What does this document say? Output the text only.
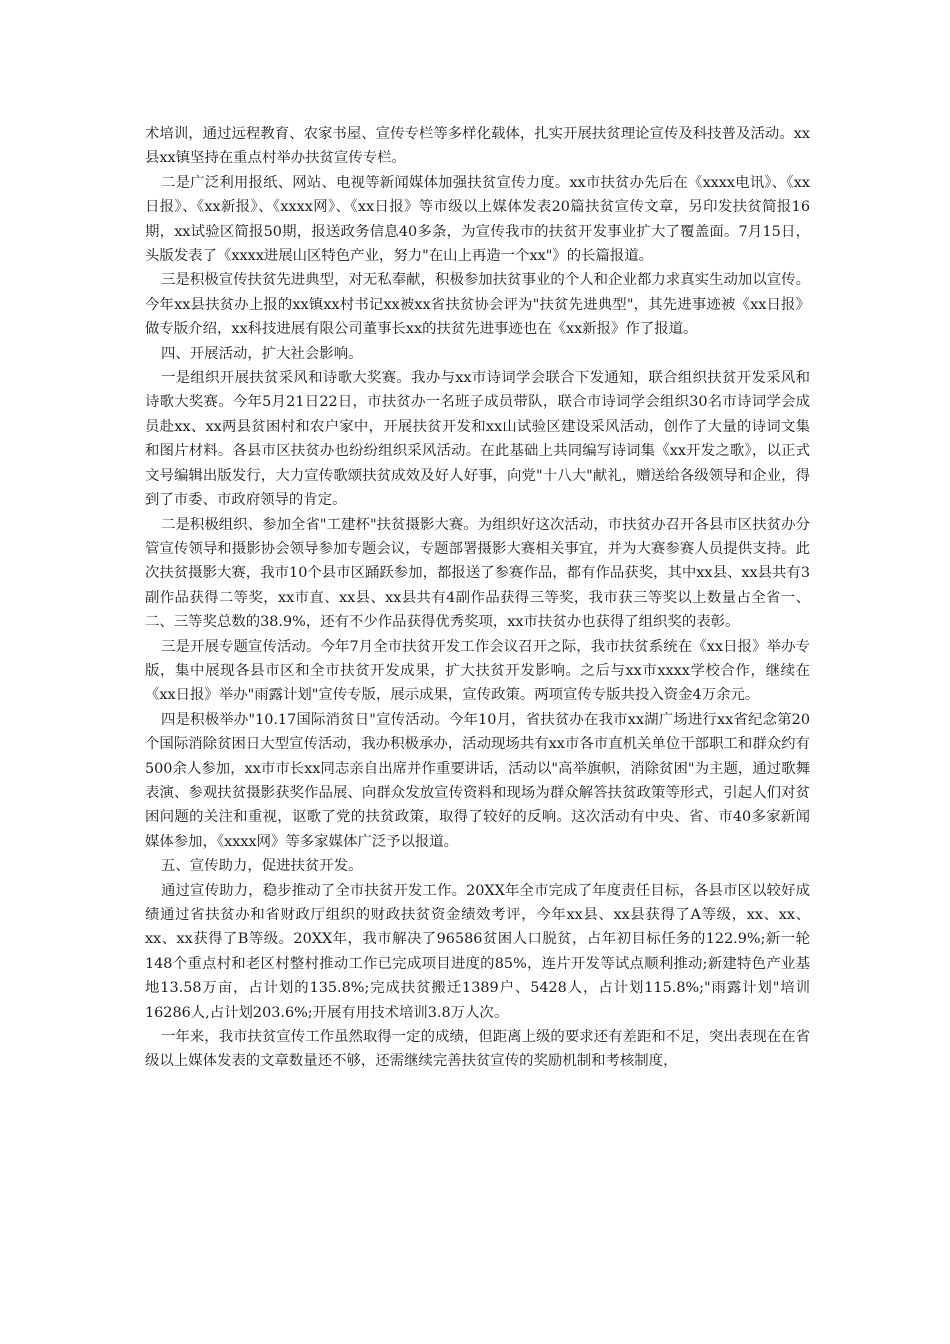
术培训，通过远程教育、农家书屋、宣传专栏等多样化载体，扎实开展扶贫理论宣传及科技普及活动。xx县xx镇坚持在重点村举办扶贫宣传专栏。

二是广泛利用报纸、网站、电视等新闻媒体加强扶贫宣传力度。xx市扶贫办先后在《xxxx电讯》、《xx日报》、《xx新报》、《xxxx网》、《xx日报》等市级以上媒体发表20篇扶贫宣传文章，另印发扶贫简报16期，xx试验区简报50期，报送政务信息40多条，为宣传我市的扶贫开发事业扩大了覆盖面。7月15日，头版发表了《xxxx进展山区特色产业，努力"在山上再造一个xx"》的长篇报道。

三是积极宣传扶贫先进典型，对无私奉献，积极参加扶贫事业的个人和企业都力求真实生动加以宣传。今年xx县扶贫办上报的xx镇xx村书记xx被xx省扶贫协会评为"扶贫先进典型"，其先进事迹被《xx日报》做专版介绍，xx科技进展有限公司董事长xx的扶贫先进事迹也在《xx新报》作了报道。

四、开展活动，扩大社会影响。

一是组织开展扶贫采风和诗歌大奖赛。我办与xx市诗词学会联合下发通知，联合组织扶贫开发采风和诗歌大奖赛。今年5月21日22日，市扶贫办一名班子成员带队，联合市诗词学会组织30名市诗词学会成员赴xx、xx两县贫困村和农户家中，开展扶贫开发和xx山试验区建设采风活动，创作了大量的诗词文集和图片材料。各县市区扶贫办也纷纷组织采风活动。在此基础上共同编写诗词集《xx开发之歌》，以正式文号编辑出版发行，大力宣传歌颂扶贫成效及好人好事，向党"十八大"献礼，赠送给各级领导和企业，得到了市委、市政府领导的肯定。

二是积极组织、参加全省"工建杯"扶贫摄影大赛。为组织好这次活动，市扶贫办召开各县市区扶贫办分管宣传领导和摄影协会领导参加专题会议，专题部署摄影大赛相关事宜，并为大赛参赛人员提供支持。此次扶贫摄影大赛，我市10个县市区踊跃参加，都报送了参赛作品，都有作品获奖，其中xx县、xx县共有3副作品获得二等奖，xx市直、xx县、xx县共有4副作品获得三等奖，我市获三等奖以上数量占全省一、二、三等奖总数的38.9%，还有不少作品获得优秀奖项，xx市扶贫办也获得了组织奖的表彰。

三是开展专题宣传活动。今年7月全市扶贫开发工作会议召开之际，我市扶贫系统在《xx日报》举办专版，集中展现各县市区和全市扶贫开发成果，扩大扶贫开发影响。之后与xx市xxxx学校合作，继续在《xx日报》举办"雨露计划"宣传专版，展示成果，宣传政策。两项宣传专版共投入资金4万余元。

四是积极举办"10.17国际消贫日"宣传活动。今年10月，省扶贫办在我市xx湖广场进行xx省纪念第20个国际消除贫困日大型宣传活动，我办积极承办，活动现场共有xx市各市直机关单位干部职工和群众约有500余人参加，xx市市长xx同志亲自出席并作重要讲话，活动以"高举旗帜，消除贫困"为主题，通过歌舞表演、参观扶贫摄影获奖作品展、向群众发放宣传资料和现场为群众解答扶贫政策等形式，引起人们对贫困问题的关注和重视，讴歌了党的扶贫政策，取得了较好的反响。这次活动有中央、省、市40多家新闻媒体参加，《xxxx网》等多家媒体广泛予以报道。

五、宣传助力，促进扶贫开发。

通过宣传助力，稳步推动了全市扶贫开发工作。20XX年全市完成了年度责任目标，各县市区以较好成绩通过省扶贫办和省财政厅组织的财政扶贫资金绩效考评，今年xx县、xx县获得了A等级，xx、xx、xx、xx获得了B等级。20XX年，我市解决了96586贫困人口脱贫，占年初目标任务的122.9%;新一轮148个重点村和老区村整村推动工作已完成项目进度的85%，连片开发等试点顺利推动;新建特色产业基地13.58万亩，占计划的135.8%;完成扶贫搬迁1389户、5428人，占计划115.8%;"雨露计划"培训16286人,占计划203.6%;开展有用技术培训3.8万人次。

一年来，我市扶贫宣传工作虽然取得一定的成绩，但距离上级的要求还有差距和不足，突出表现在在省级以上媒体发表的文章数量还不够，还需继续完善扶贫宣传的奖励机制和考核制度，
